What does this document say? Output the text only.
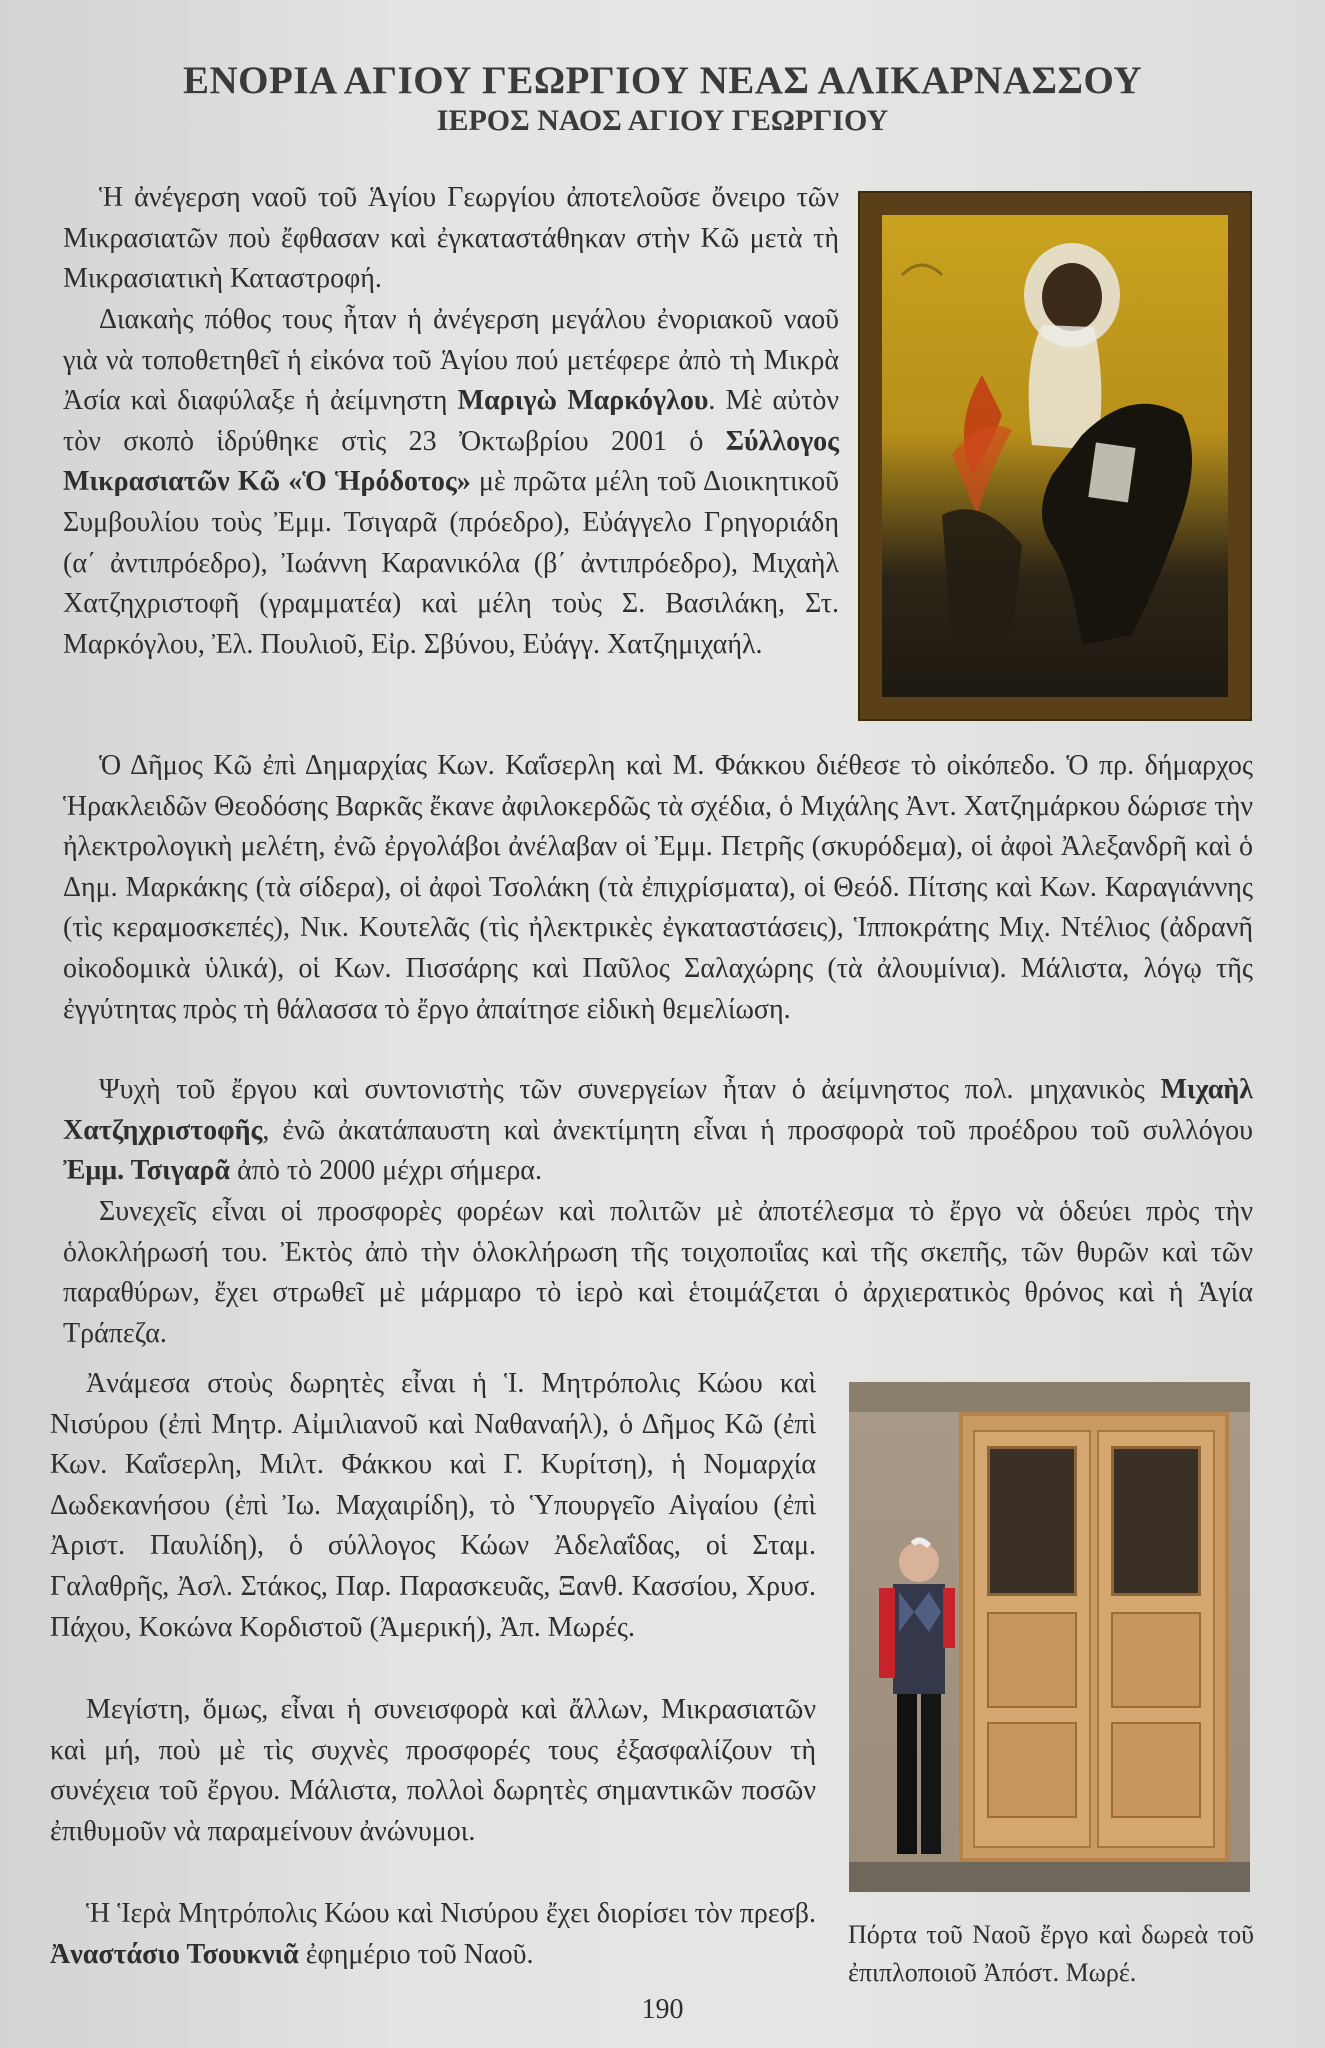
ΕΝΟΡΙΑ ΑΓΙΟΥ ΓΕΩΡΓΙΟΥ ΝΕΑΣ ΑΛΙΚΑΡΝΑΣΣΟΥ
ΙΕΡΟΣ ΝΑΟΣ ΑΓΙΟΥ ΓΕΩΡΓΙΟΥ

Ἡ ἀνέγερση ναοῦ τοῦ Ἁγίου Γεωργίου ἀποτελοῦσε ὄνειρο τῶν Μικρασιατῶν ποὺ ἔφθασαν καὶ ἐγκαταστάθηκαν στὴν Κῶ μετὰ τὴ Μικρασιατικὴ Καταστροφή.

Διακαὴς πόθος τους ἦταν ἡ ἀνέγερση μεγάλου ἐνοριακοῦ ναοῦ γιὰ νὰ τοποθετηθεῖ ἡ εἰκόνα τοῦ Ἁγίου πού μετέφερε ἀπὸ τὴ Μικρὰ Ἀσία καὶ διαφύλαξε ἡ ἀείμνηστη Μαριγὼ Μαρκόγλου. Μὲ αὐτὸν τὸν σκοπὸ ἱδρύθηκε στὶς 23 Ὀκτωβρίου 2001 ὁ Σύλλογος Μικρασιατῶν Κῶ «Ὁ Ἡρόδοτος» μὲ πρῶτα μέλη τοῦ Διοικητικοῦ Συμβουλίου τοὺς Ἐμμ. Τσιγαρᾶ (πρόεδρο), Εὐάγγελο Γρηγοριάδη (α΄ ἀντιπρόεδρο), Ἰωάννη Καρανικόλα (β΄ ἀντιπρόεδρο), Μιχαὴλ Χατζηχριστοφῆ (γραμματέα) καὶ μέλη τοὺς Σ. Βασιλάκη, Στ. Μαρκόγλου, Ἐλ. Πουλιοῦ, Εἰρ. Σβύνου, Εὐάγγ. Χατζημιχαήλ.

Ὁ Δῆμος Κῶ ἐπὶ Δημαρχίας Κων. Καΐσερλη καὶ Μ. Φάκκου διέθεσε τὸ οἰκόπεδο. Ὁ πρ. δήμαρχος Ἡρακλειδῶν Θεοδόσης Βαρκᾶς ἔκανε ἀφιλοκερδῶς τὰ σχέδια, ὁ Μιχάλης Ἀντ. Χατζημάρκου δώρισε τὴν ἠλεκτρολογικὴ μελέτη, ἐνῶ ἐργολάβοι ἀνέλαβαν οἱ Ἐμμ. Πετρῆς (σκυρόδεμα), οἱ ἀφοὶ Ἀλεξανδρῆ καὶ ὁ Δημ. Μαρκάκης (τὰ σίδερα), οἱ ἀφοὶ Τσολάκη (τὰ ἐπιχρίσματα), οἱ Θεόδ. Πίτσης καὶ Κων. Καραγιάννης (τὶς κεραμοσκεπές), Νικ. Κουτελᾶς (τὶς ἠλεκτρικὲς ἐγκαταστάσεις), Ἱπποκράτης Μιχ. Ντέλιος (ἀδρανῆ οἰκοδομικὰ ὑλικά), οἱ Κων. Πισσάρης καὶ Παῦλος Σαλαχώρης (τὰ ἀλουμίνια). Μάλιστα, λόγῳ τῆς ἐγγύτητας πρὸς τὴ θάλασσα τὸ ἔργο ἀπαίτησε εἰδικὴ θεμελίωση.

Ψυχὴ τοῦ ἔργου καὶ συντονιστὴς τῶν συνεργείων ἦταν ὁ ἀείμνηστος πολ. μηχανικὸς Μιχαὴλ Χατζηχριστοφῆς, ἐνῶ ἀκατάπαυστη καὶ ἀνεκτίμητη εἶναι ἡ προσφορὰ τοῦ προέδρου τοῦ συλλόγου Ἐμμ. Τσιγαρᾶ ἀπὸ τὸ 2000 μέχρι σήμερα.

Συνεχεῖς εἶναι οἱ προσφορὲς φορέων καὶ πολιτῶν μὲ ἀποτέλεσμα τὸ ἔργο νὰ ὁδεύει πρὸς τὴν ὁλοκλήρωσή του. Ἐκτὸς ἀπὸ τὴν ὁλοκλήρωση τῆς τοιχοποιΐας καὶ τῆς σκεπῆς, τῶν θυρῶν καὶ τῶν παραθύρων, ἔχει στρωθεῖ μὲ μάρμαρο τὸ ἱερὸ καὶ ἑτοιμάζεται ὁ ἀρχιερατικὸς θρόνος καὶ ἡ Ἁγία Τράπεζα.

Ἀνάμεσα στοὺς δωρητὲς εἶναι ἡ Ἱ. Μητρόπολις Κώου καὶ Νισύρου (ἐπὶ Μητρ. Αἰμιλιανοῦ καὶ Ναθαναήλ), ὁ Δῆμος Κῶ (ἐπὶ Κων. Καΐσερλη, Μιλτ. Φάκκου καὶ Γ. Κυρίτση), ἡ Νομαρχία Δωδεκανήσου (ἐπὶ Ἰω. Μαχαιρίδη), τὸ Ὑπουργεῖο Αἰγαίου (ἐπὶ Ἀριστ. Παυλίδη), ὁ σύλλογος Κώων Ἀδελαΐδας, οἱ Σταμ. Γαλαθρῆς, Ἀσλ. Στάκος, Παρ. Παρασκευᾶς, Ξανθ. Κασσίου, Χρυσ. Πάχου, Κοκώνα Κορδιστοῦ (Ἀμερική), Ἀπ. Μωρές.

Μεγίστη, ὅμως, εἶναι ἡ συνεισφορὰ καὶ ἄλλων, Μικρασιατῶν καὶ μή, ποὺ μὲ τὶς συχνὲς προσφορές τους ἐξασφαλίζουν τὴ συνέχεια τοῦ ἔργου. Μάλιστα, πολλοὶ δωρητὲς σημαντικῶν ποσῶν ἐπιθυμοῦν νὰ παραμείνουν ἀνώνυμοι.

Ἡ Ἱερὰ Μητρόπολις Κώου καὶ Νισύρου ἔχει διορίσει τὸν πρεσβ. Ἀναστάσιο Τσουκνιᾶ ἐφημέριο τοῦ Ναοῦ.

Πόρτα τοῦ Ναοῦ ἔργο καὶ δωρεὰ τοῦ ἐπιπλοποιοῦ Ἀπόστ. Μωρέ.

190
